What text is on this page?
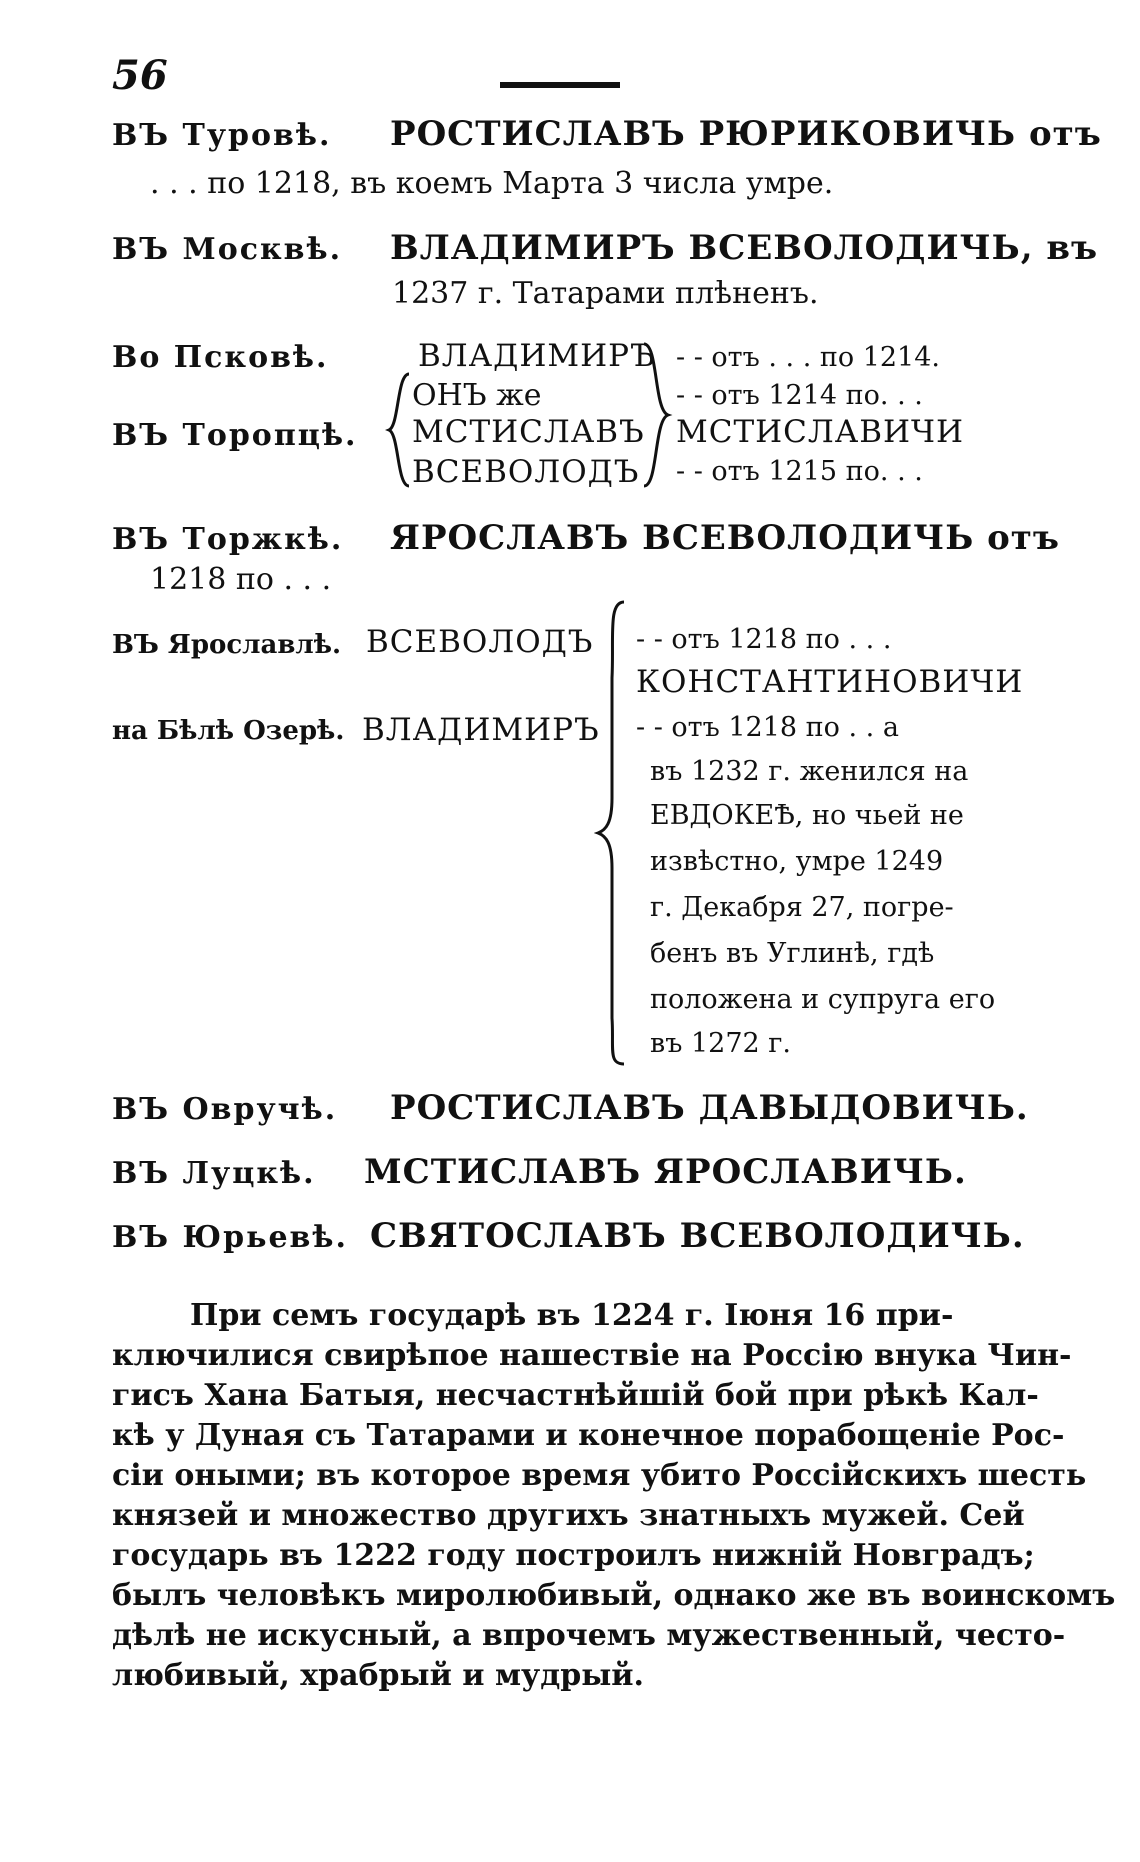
56
ВЪ Туровѣ. РОСТИСЛАВЪ РЮРИКОВИЧЬ отъ
. . . по 1218, въ коемъ Марта 3 числа умре.
ВЪ Москвѣ. ВЛАДИМИРЪ ВСЕВОЛОДИЧЬ, въ
1237 г. Татарами плѣненъ.
Во Псковѣ.
ВЪ Торопцѣ.
ВЛАДИМИРЪ
ОНЪ же
МСТИСЛАВЪ
ВСЕВОЛОДЪ
- - отъ . . . по 1214.
- - отъ 1214 по. . .
МСТИСЛАВИЧИ
- - отъ 1215 по. . .
ВЪ Торжкѣ. ЯРОСЛАВЪ ВСЕВОЛОДИЧЬ отъ
1218 по . . .
ВЪ Ярославлѣ. ВСЕВОЛОДЪ
на Бѣлѣ Озерѣ. ВЛАДИМИРЪ
- - отъ 1218 по . . .
КОНСТАНТИНОВИЧИ
- - отъ 1218 по . . а
въ 1232 г. женился на
ЕВДОКЕѢ, но чьей не
извѣстно, умре 1249
г. Декабря 27, погре-
бенъ въ Углинѣ, гдѣ
положена и супруга его
въ 1272 г.
ВЪ Овручѣ. РОСТИСЛАВЪ ДАВЫДОВИЧЬ.
ВЪ Луцкѣ. МСТИСЛАВЪ ЯРОСЛАВИЧЬ.
ВЪ Юрьевѣ. СВЯТОСЛАВЪ ВСЕВОЛОДИЧЬ.
При семъ государѣ въ 1224 г. Іюня 16 при-
ключилися свирѣпое нашествіе на Россію внука Чин-
гисъ Хана Батыя, несчастнѣйшій бой при рѣкѣ Кал-
кѣ у Дуная съ Татарами и конечное порабощеніе Рос-
сіи оными; въ которое время убито Россійскихъ шесть
князей и множество другихъ знатныхъ мужей. Сей
государь въ 1222 году построилъ нижній Новградъ;
былъ человѣкъ миролюбивый, однако же въ воинскомъ
дѣлѣ не искусный, а впрочемъ мужественный, често-
любивый, храбрый и мудрый.
